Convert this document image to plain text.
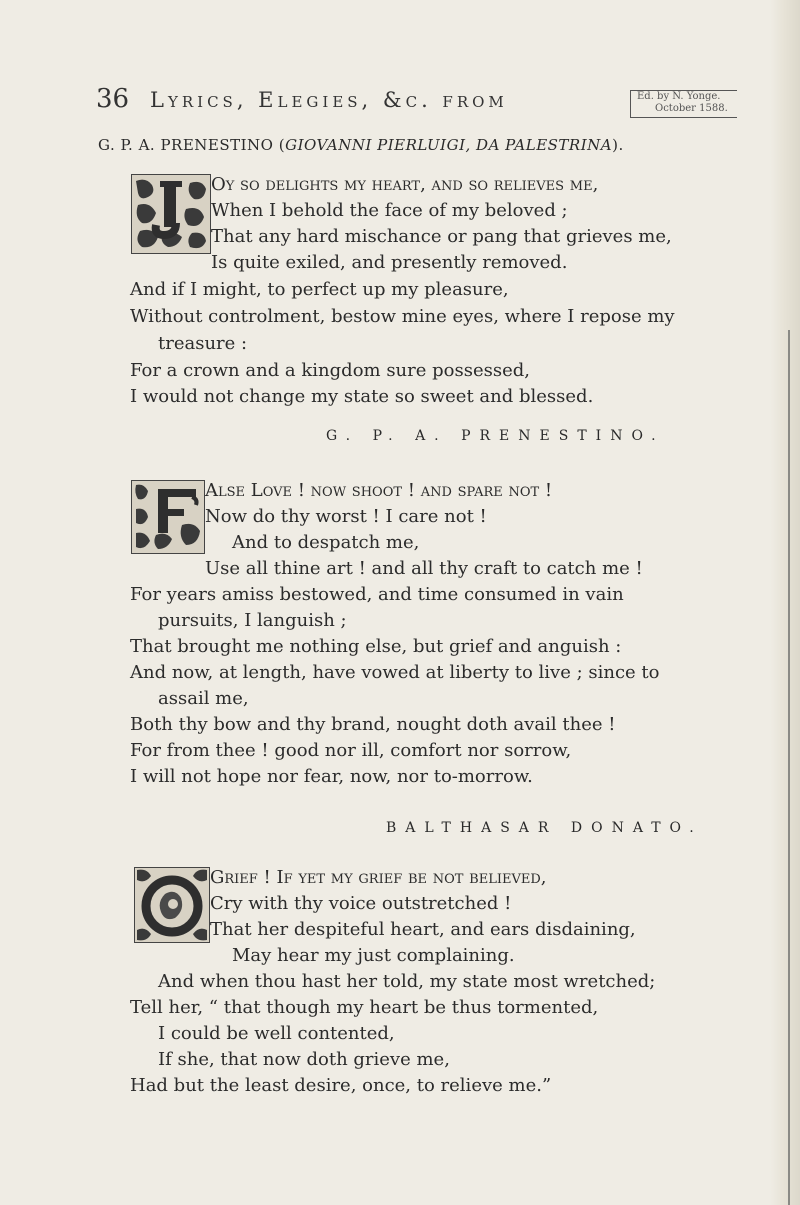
36 Lyrics, Elegies, &c. from	Ed. by N. Yonge.
October 1588.
G. P. A. PRENESTINO (GIOVANNI PIERLUIGI, DA PALESTRINA).
Oy so delights my heart, and so relieves me,
When I behold the face of my beloved ;
That any hard mischance or pang that grieves me,
Is quite exiled, and presently removed.
And if I might, to perfect up my pleasure,
Without controlment, bestow mine eyes, where I repose my
treasure :
For a crown and a kingdom sure possessed,
I would not change my state so sweet and blessed.
G. P. A. PRENESTINO.
Alse Love ! now shoot ! and spare not !
Now do thy worst ! I care not !
And to despatch me,
Use all thine art ! and all thy craft to catch me !
For years amiss bestowed, and time consumed in vain
pursuits, I languish ;
That brought me nothing else, but grief and anguish :
And now, at length, have vowed at liberty to live ; since to
assail me,
Both thy bow and thy brand, nought doth avail thee !
For from thee ! good nor ill, comfort nor sorrow,
I will not hope nor fear, now, nor to-morrow.
BALTHASAR DONATO.
Grief ! If yet my grief be not believed,
Cry with thy voice outstretched !
That her despiteful heart, and ears disdaining,
May hear my just complaining.
And when thou hast her told, my state most wretched;
Tell her, “ that though my heart be thus tormented,
I could be well contented,
If she, that now doth grieve me,
Had but the least desire, once, to relieve me.”
